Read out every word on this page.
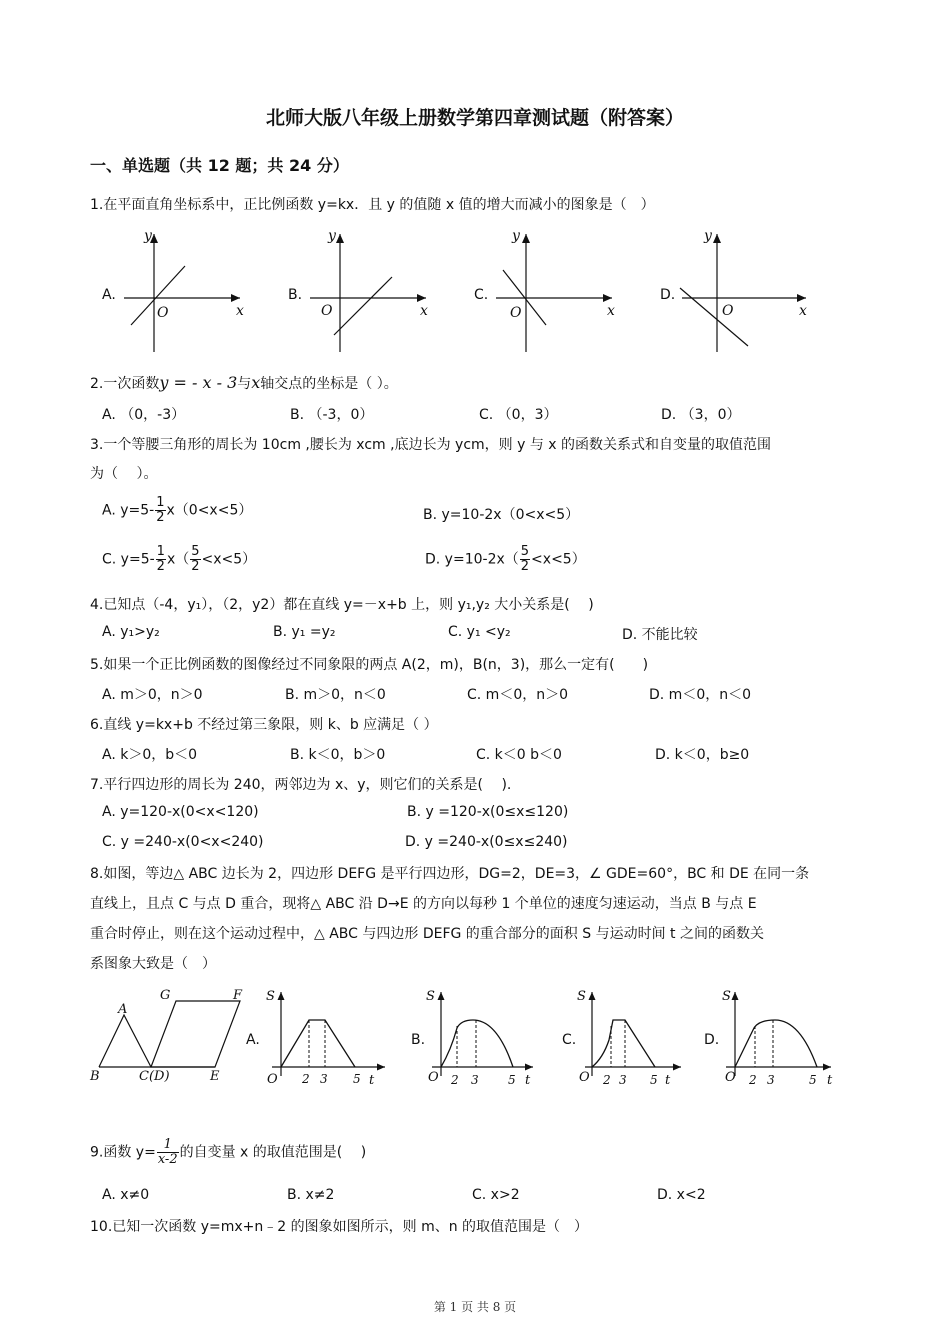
北师大版八年级上册数学第四章测试题（附答案）
一、单选题（共 12 题；共 24 分）
1.在平面直角坐标系中，正比例函数 y=kx．且 y 的值随 x 值的增大而减小的图象是（　）
A.
y
x
O
B.
y
x
O
C.
y
x
O
D.
y
x
O
2.一次函数y = - x - 3与x轴交点的坐标是（ ）。
A. （0，-3）	B. （-3，0）	C. （0，3）	D. （3，0）
3.一个等腰三角形的周长为 10cm ,腰长为 xcm ,底边长为 ycm，则 y 与 x 的函数关系式和自变量的取值范围
为（　 ）。
A. $y=5- \frac{1}{2} x(0<x<5)$	B. y=10-2x（0<x<5）
C. $y=5- \frac{1}{2} x( \frac{5}{2} <x<5)$	D. $y=10-2x( \frac{5}{2} <x<5)$
4.已知点（-4，y₁），（2，y2）都在直线 y=－x+b 上，则 y₁,y₂ 大小关系是(　 )
A. y₁>y₂	B. y₁ =y₂	C. y₁ <y₂	D. 不能比较
5.如果一个正比例函数的图像经过不同象限的两点 A(2，m)，B(n，3)，那么一定有(　　)
A. m＞0，n＞0	B. m＞0，n＜0	C. m＜0，n＞0	D. m＜0，n＜0
6.直线 y=kx+b 不经过第三象限，则 k、b 应满足（ ）
A. k＞0，b＜0	B. k＜0，b＞0	C. k＜0 b＜0	D. k＜0，b≥0
7.平行四边形的周长为 240，两邻边为 x、y，则它们的关系是(　 ).
A. y=120-x(0<x<120)	B. y =120-x(0≤x≤120)
C. y =240-x(0<x<240)	D. y =240-x(0≤x≤240)
8.如图，等边△ ABC 边长为 2，四边形 DEFG 是平行四边形，DG=2，DE=3，∠ GDE=60°，BC 和 DE 在同一条
直线上，且点 C 与点 D 重合，现将△ ABC 沿 D→E 的方向以每秒 1 个单位的速度匀速运动，当点 B 与点 E
重合时停止，则在这个运动过程中，△ ABC 与四边形 DEFG 的重合部分的面积 S 与运动时间 t 之间的函数关
系图象大致是（　）
A
B	C(D)	E
F
G
A.
S
O 2 3 5 t
B.
S
O 2 3 5 t
C.
S
O 2 3 5 t
D.
S
O 2 3	5 t
9.函数 $y= \frac{1}{x-2}$ 的自变量 x 的取值范围是(　 )
A. x≠0	B. x≠2	C. x>2	D. x<2
10.已知一次函数 y=mx+n﹣2 的图象如图所示，则 m、n 的取值范围是（　）
第 1 页 共 8 页
